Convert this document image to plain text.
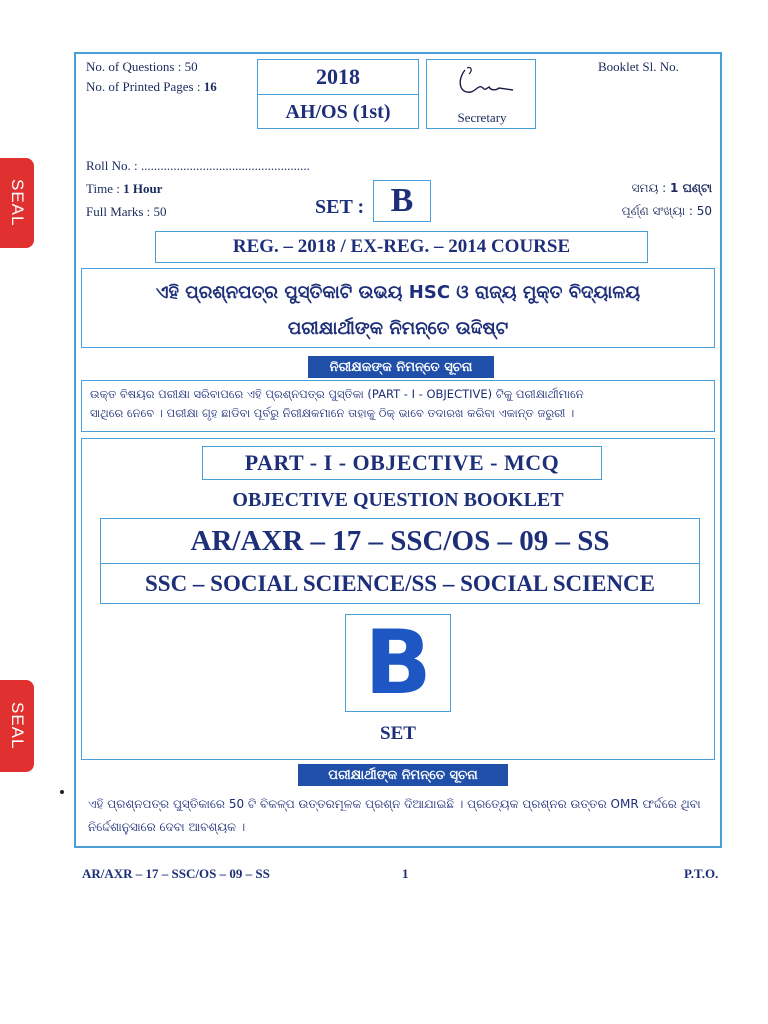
SEAL
SEAL
No. of Questions : 50
No. of Printed Pages : 16	2018
AH/OS (1st)	Secretary
Booklet Sl. No.
Roll No. : ....................................................
Time : 1 Hour
Full Marks : 50	SET : B	ସମୟ : 1 ଘଣ୍ଟା
ପୂର୍ଣ୍ଣ ସଂଖ୍ୟା : 50
REG. – 2018 / EX-REG. – 2014 COURSE
ଏହି ପ୍ରଶ୍ନପତ୍ର ପୁସ୍ତିକାଟି ଉଭୟ HSC ଓ ରାଜ୍ୟ ମୁକ୍ତ ବିଦ୍ୟାଳୟ
ପରୀକ୍ଷାର୍ଥୀଙ୍କ ନିମନ୍ତେ ଉଦ୍ଦିଷ୍ଟ
ନିରୀକ୍ଷକଙ୍କ ନିମନ୍ତେ ସୂଚନା
ଉକ୍ତ ବିଷୟର ପରୀକ୍ଷା ସରିବାପରେ ଏହି ପ୍ରଶ୍ନପତ୍ର ପୁସ୍ତିକା (PART - I - OBJECTIVE) ଟିକୁ ପରୀକ୍ଷାର୍ଥୀମାନେ
ସାଥିରେ ନେବେ । ପରୀକ୍ଷା ଗୃହ ଛାଡିବା ପୂର୍ବରୁ ନିରୀକ୍ଷକମାନେ ତାହାକୁ ଠିକ୍ ଭାବେ ତଦାରଖ କରିବା ଏକାନ୍ତ ଜରୁରୀ ।
PART - I - OBJECTIVE - MCQ
OBJECTIVE QUESTION BOOKLET
AR/AXR – 17 – SSC/OS – 09 – SS
SSC – SOCIAL SCIENCE/SS – SOCIAL SCIENCE
B
SET
ପରୀକ୍ଷାର୍ଥୀଙ୍କ ନିମନ୍ତେ ସୂଚନା
ଏହି ପ୍ରଶ୍ନପତ୍ର ପୁସ୍ତିକାରେ 50 ଟି ବିକଳ୍ପ ଉତ୍ତରମୂଳକ ପ୍ରଶ୍ନ ଦିଆଯାଇଛି । ପ୍ରତ୍ୟେକ ପ୍ରଶ୍ନର ଉତ୍ତର OMR ଫର୍ଦ୍ଦରେ ଥିବା
ନିର୍ଦ୍ଦେଶାନୁସାରେ ଦେବା ଆବଶ୍ୟକ ।
AR/AXR – 17 – SSC/OS – 09 – SS	1	P.T.O.
